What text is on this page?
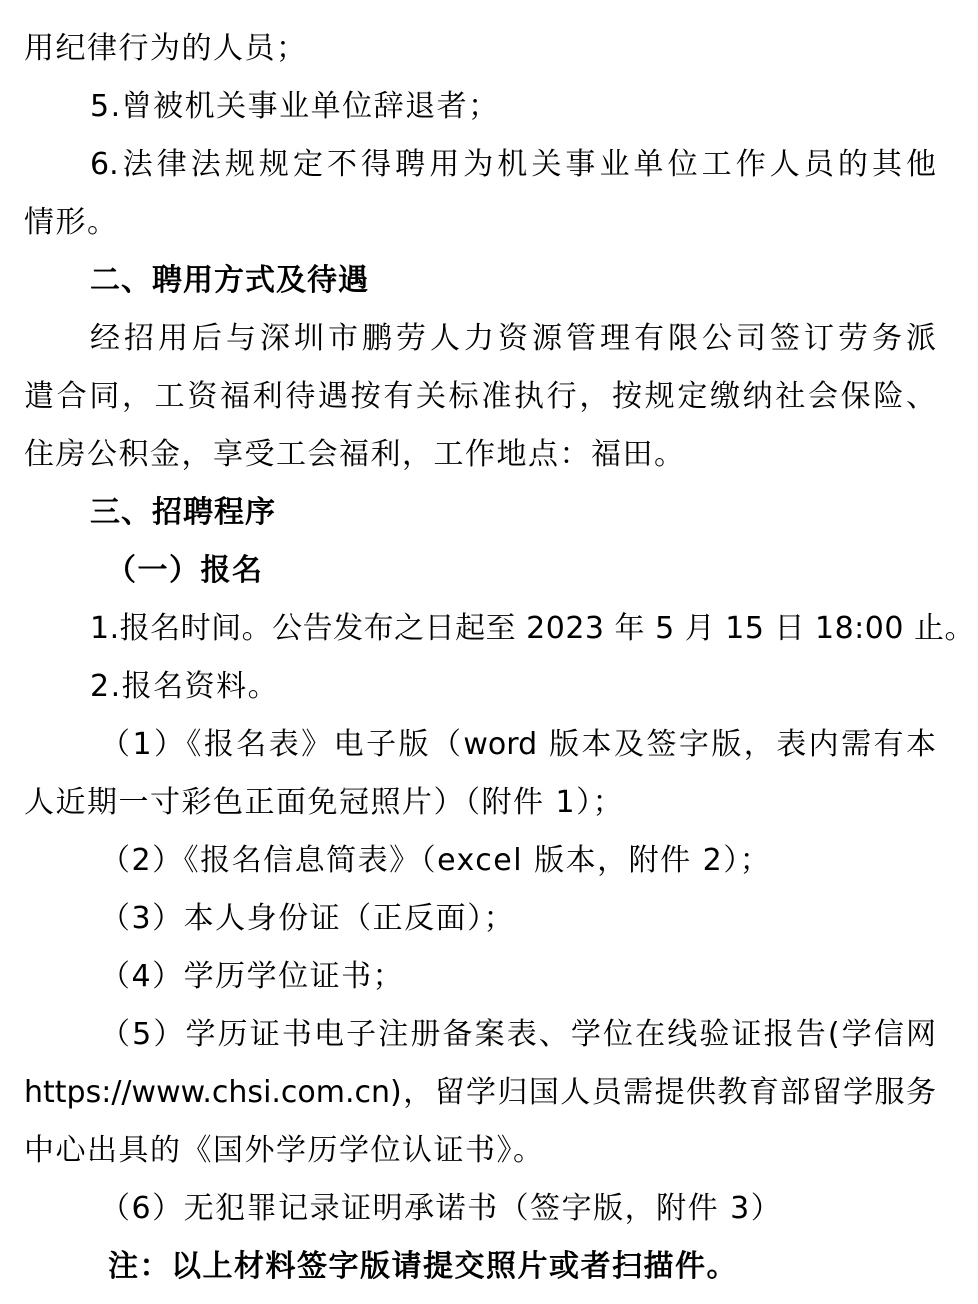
用纪律行为的人员；
5.曾被机关事业单位辞退者；
6.法律法规规定不得聘用为机关事业单位工作人员的其他
情形。
二、聘用方式及待遇
经招用后与深圳市鹏劳人力资源管理有限公司签订劳务派
遣合同，工资福利待遇按有关标准执行，按规定缴纳社会保险、
住房公积金，享受工会福利，工作地点：福田。
三、招聘程序
（一）报名
1.报名时间。公告发布之日起至 2023 年 5 月 15 日 18:00 止。
2.报名资料。
（1）《报名表》电子版（word 版本及签字版，表内需有本
人近期一寸彩色正面免冠照片）（附件 1）；
（2）《报名信息简表》（excel 版本，附件 2）；
（3）本人身份证（正反面）；
（4）学历学位证书；
（5）学历证书电子注册备案表、学位在线验证报告(学信网
https://www.chsi.com.cn)，留学归国人员需提供教育部留学服务
中心出具的《国外学历学位认证书》。
（6）无犯罪记录证明承诺书（签字版，附件 3）
注：以上材料签字版请提交照片或者扫描件。
